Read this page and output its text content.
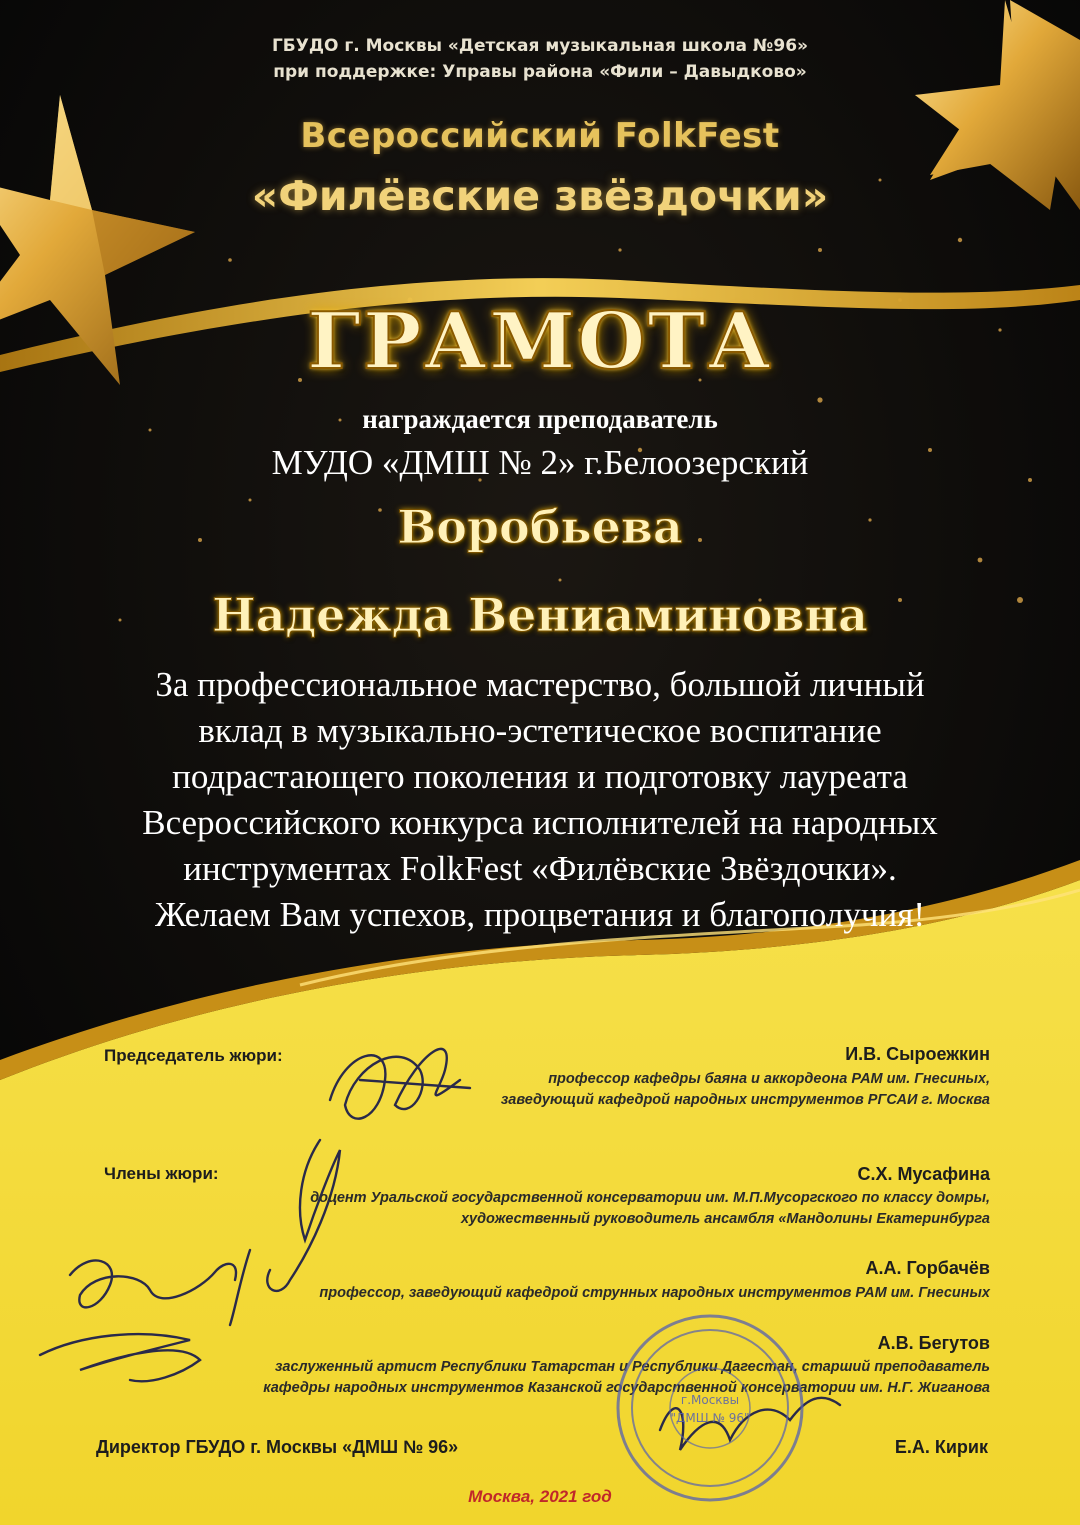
ГБУДО г. Москвы «Детская музыкальная школа №96»
при поддержке: Управы района «Фили – Давыдково»
Всероссийский FolkFest
«Филёвские звёздочки»
ГРАМОТА
награждается преподаватель
МУДО «ДМШ № 2» г.Белоозерский
Воробьева
Надежда Вениаминовна
За профессиональное мастерство, большой личный
вклад в музыкально-эстетическое воспитание
подрастающего поколения и подготовку лауреата
Всероссийского конкурса исполнителей на народных
инструментах FolkFest «Филёвские Звёздочки».
Желаем Вам успехов, процветания и благополучия!
Председатель жюри:	И.В. Сыроежкин
профессор кафедры баяна и аккордеона РАМ им. Гнесиных,
заведующий кафедрой народных инструментов РГСАИ г. Москва
Члены жюри:	С.Х. Мусафина
доцент Уральской государственной консерватории им. М.П.Мусоргского по классу домры,
художественный руководитель ансамбля «Мандолины Екатеринбурга
А.А. Горбачёв
профессор, заведующий кафедрой струнных народных инструментов РАМ им. Гнесиных
А.В. Бегутов
заслуженный артист Республики Татарстан и Республики Дагестан, старший преподаватель
кафедры народных инструментов Казанской государственной консерватории им. Н.Г. Жиганова
г.Москвы
"ДМШ № 96"
Директор ГБУДО г. Москвы «ДМШ № 96»	Е.А. Кирик
Москва, 2021 год
